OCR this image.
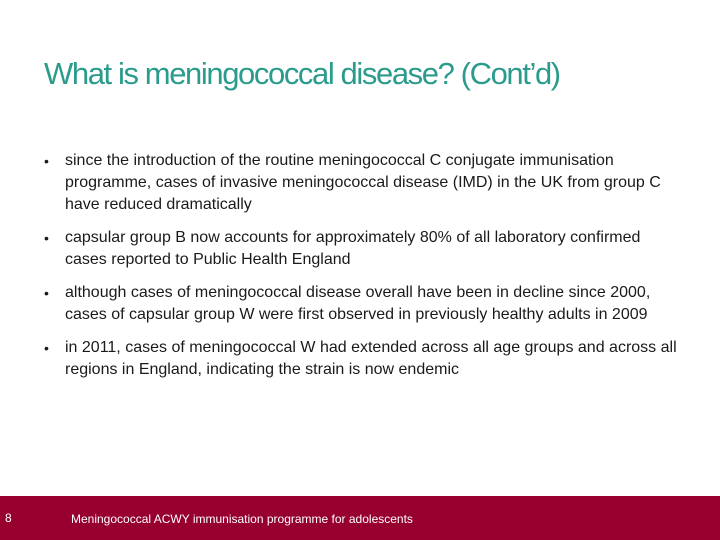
What is meningococcal disease? (Cont’d)
•	since the introduction of the routine meningococcal C conjugate immunisation programme, cases of invasive meningococcal disease (IMD) in the UK from group C have reduced dramatically
•	capsular group B now accounts for approximately 80% of all laboratory confirmed cases reported to Public Health England
•	although cases of meningococcal disease overall have been in decline since 2000, cases of capsular group W were first observed in previously healthy adults in 2009
•	in 2011, cases of meningococcal W had extended across all age groups and across all regions in England, indicating the strain is now endemic
8	Meningococcal ACWY immunisation programme for adolescents
